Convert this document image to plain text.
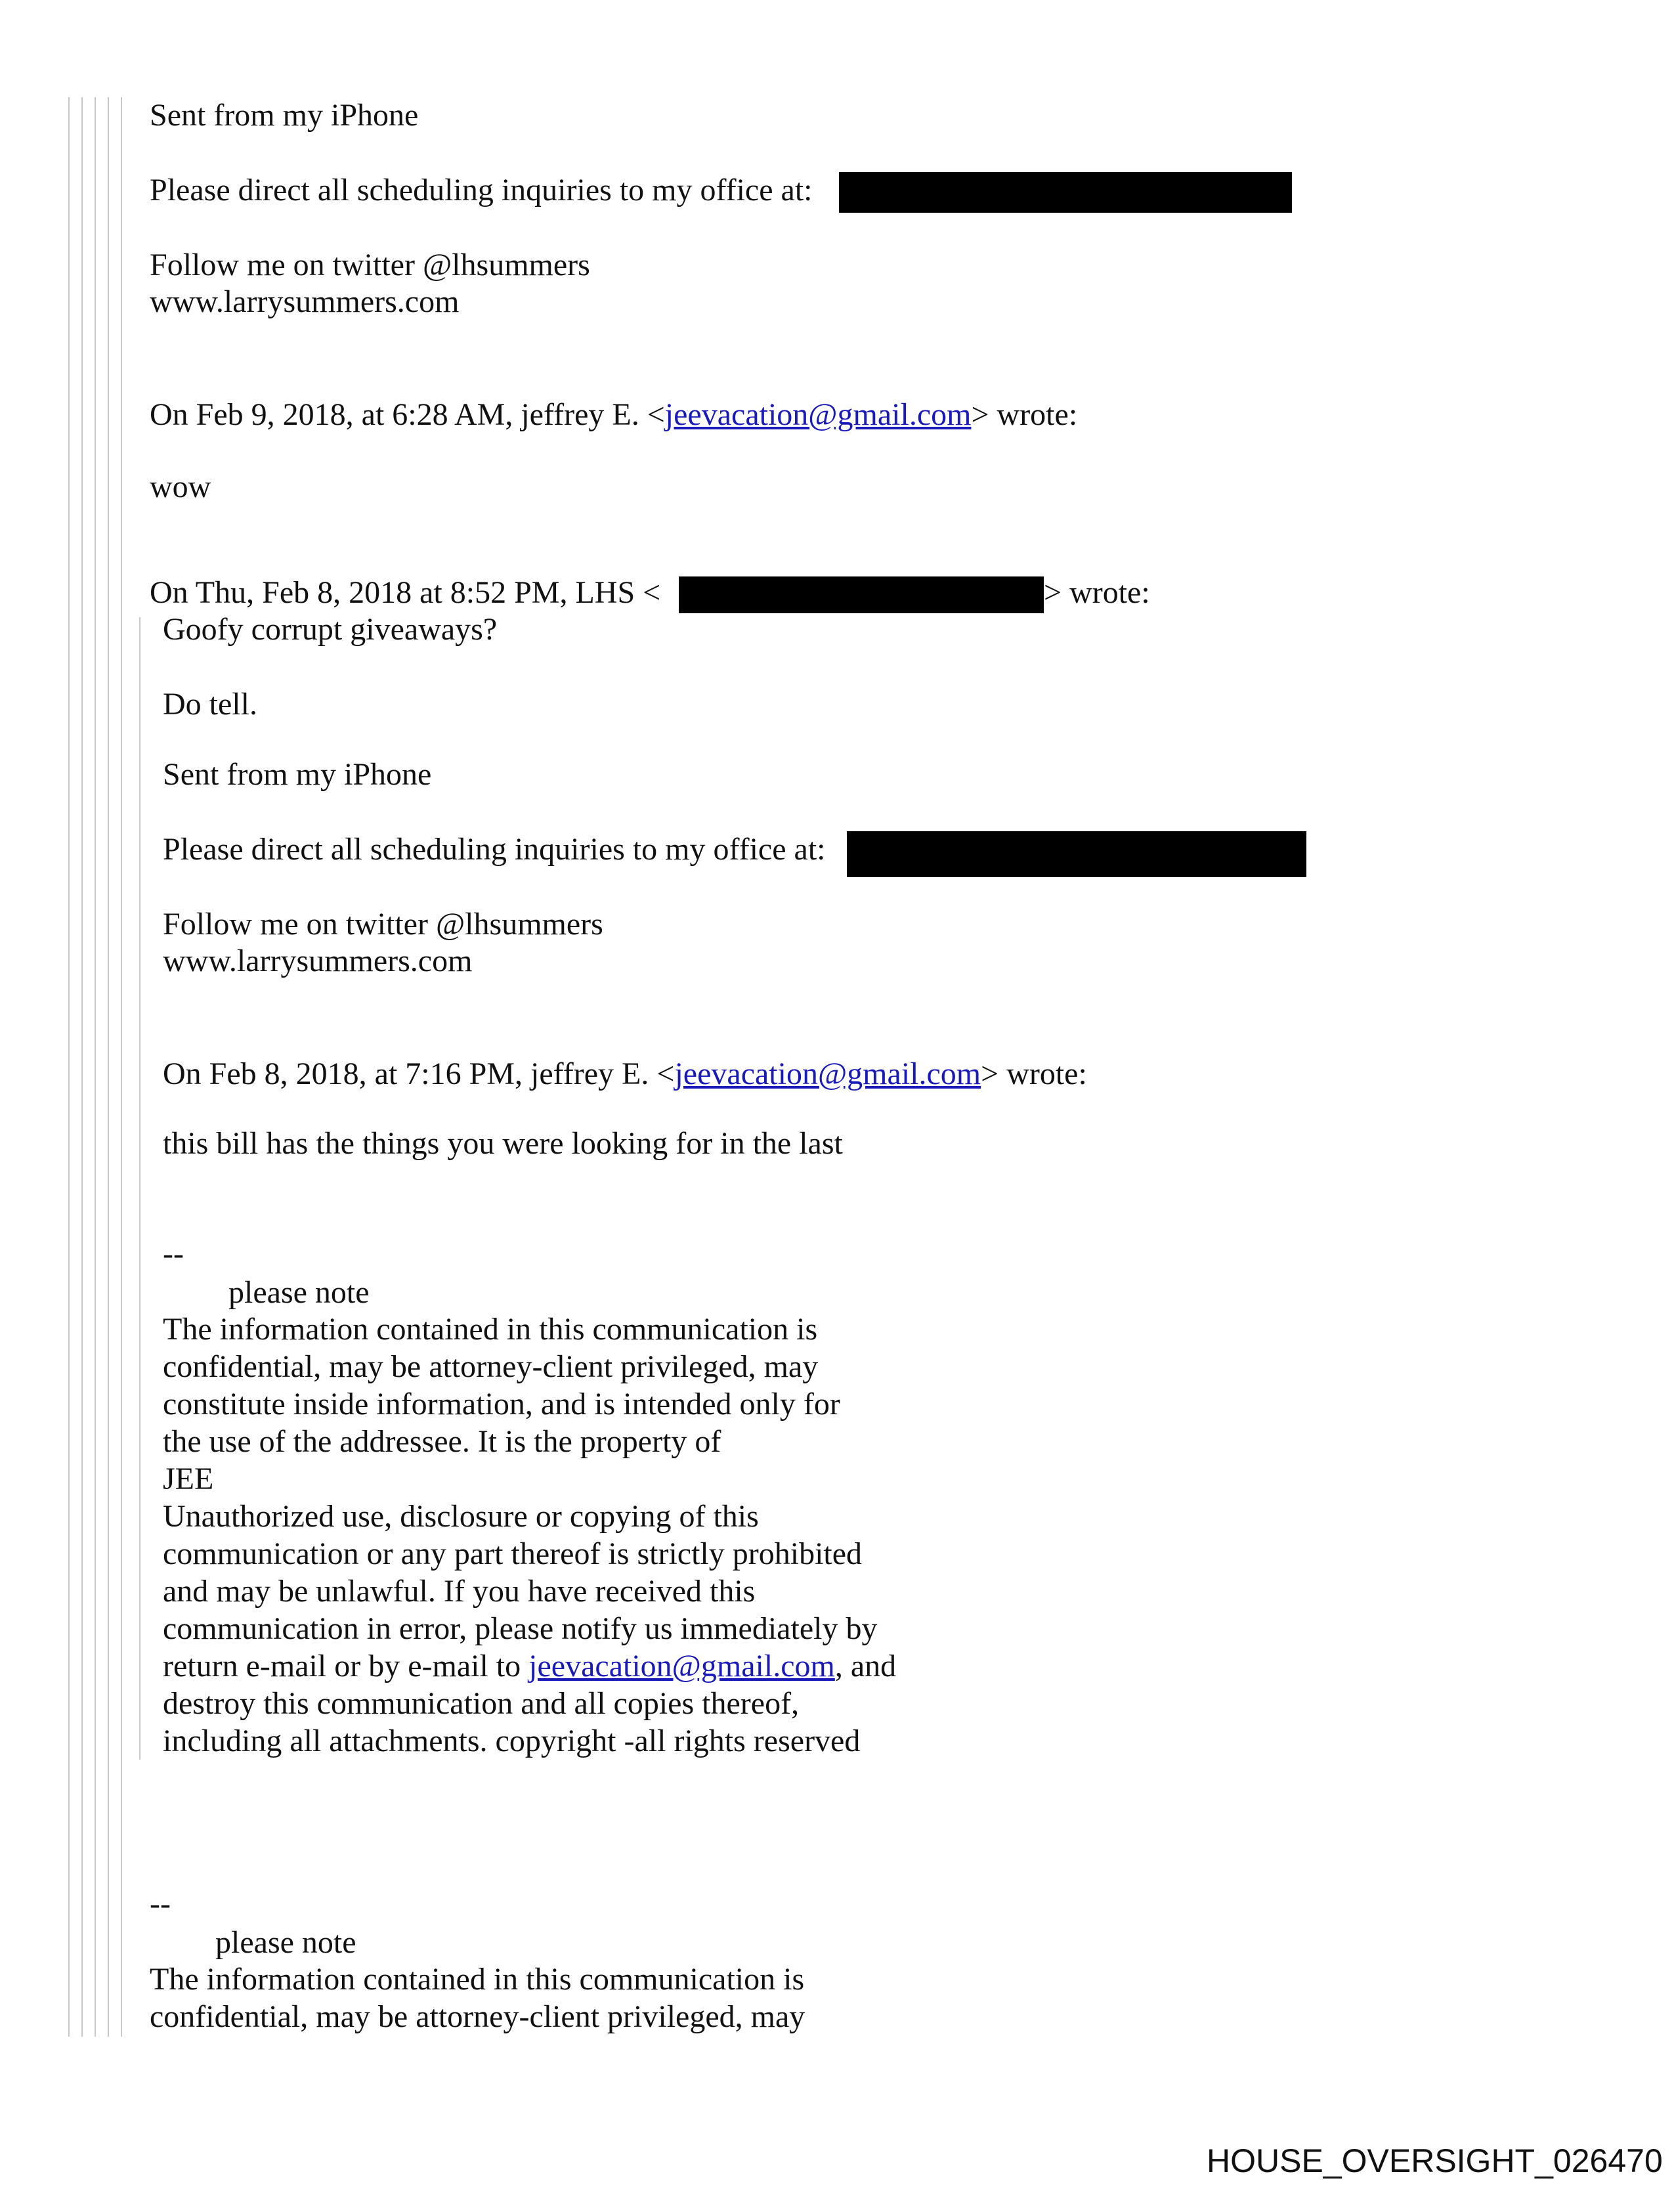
Sent from my iPhone
Please direct all scheduling inquiries to my office at:
Follow me on twitter @lhsummers
www.larrysummers.com
On Feb 9, 2018, at 6:28 AM, jeffrey E. <jeevacation@gmail.com> wrote:
wow
On Thu, Feb 8, 2018 at 8:52 PM, LHS <	> wrote:
Goofy corrupt giveaways?
Do tell.
Sent from my iPhone
Please direct all scheduling inquiries to my office at:
Follow me on twitter @lhsummers
www.larrysummers.com
On Feb 8, 2018, at 7:16 PM, jeffrey E. <jeevacation@gmail.com> wrote:
this bill has the things you were looking for in the last
--
please note
The information contained in this communication is
confidential, may be attorney-client privileged, may
constitute inside information, and is intended only for
the use of the addressee. It is the property of
JEE
Unauthorized use, disclosure or copying of this
communication or any part thereof is strictly prohibited
and may be unlawful. If you have received this
communication in error, please notify us immediately by
return e-mail or by e-mail to jeevacation@gmail.com, and
destroy this communication and all copies thereof,
including all attachments. copyright -all rights reserved
--
please note
The information contained in this communication is
confidential, may be attorney-client privileged, may
HOUSE_OVERSIGHT_026470
